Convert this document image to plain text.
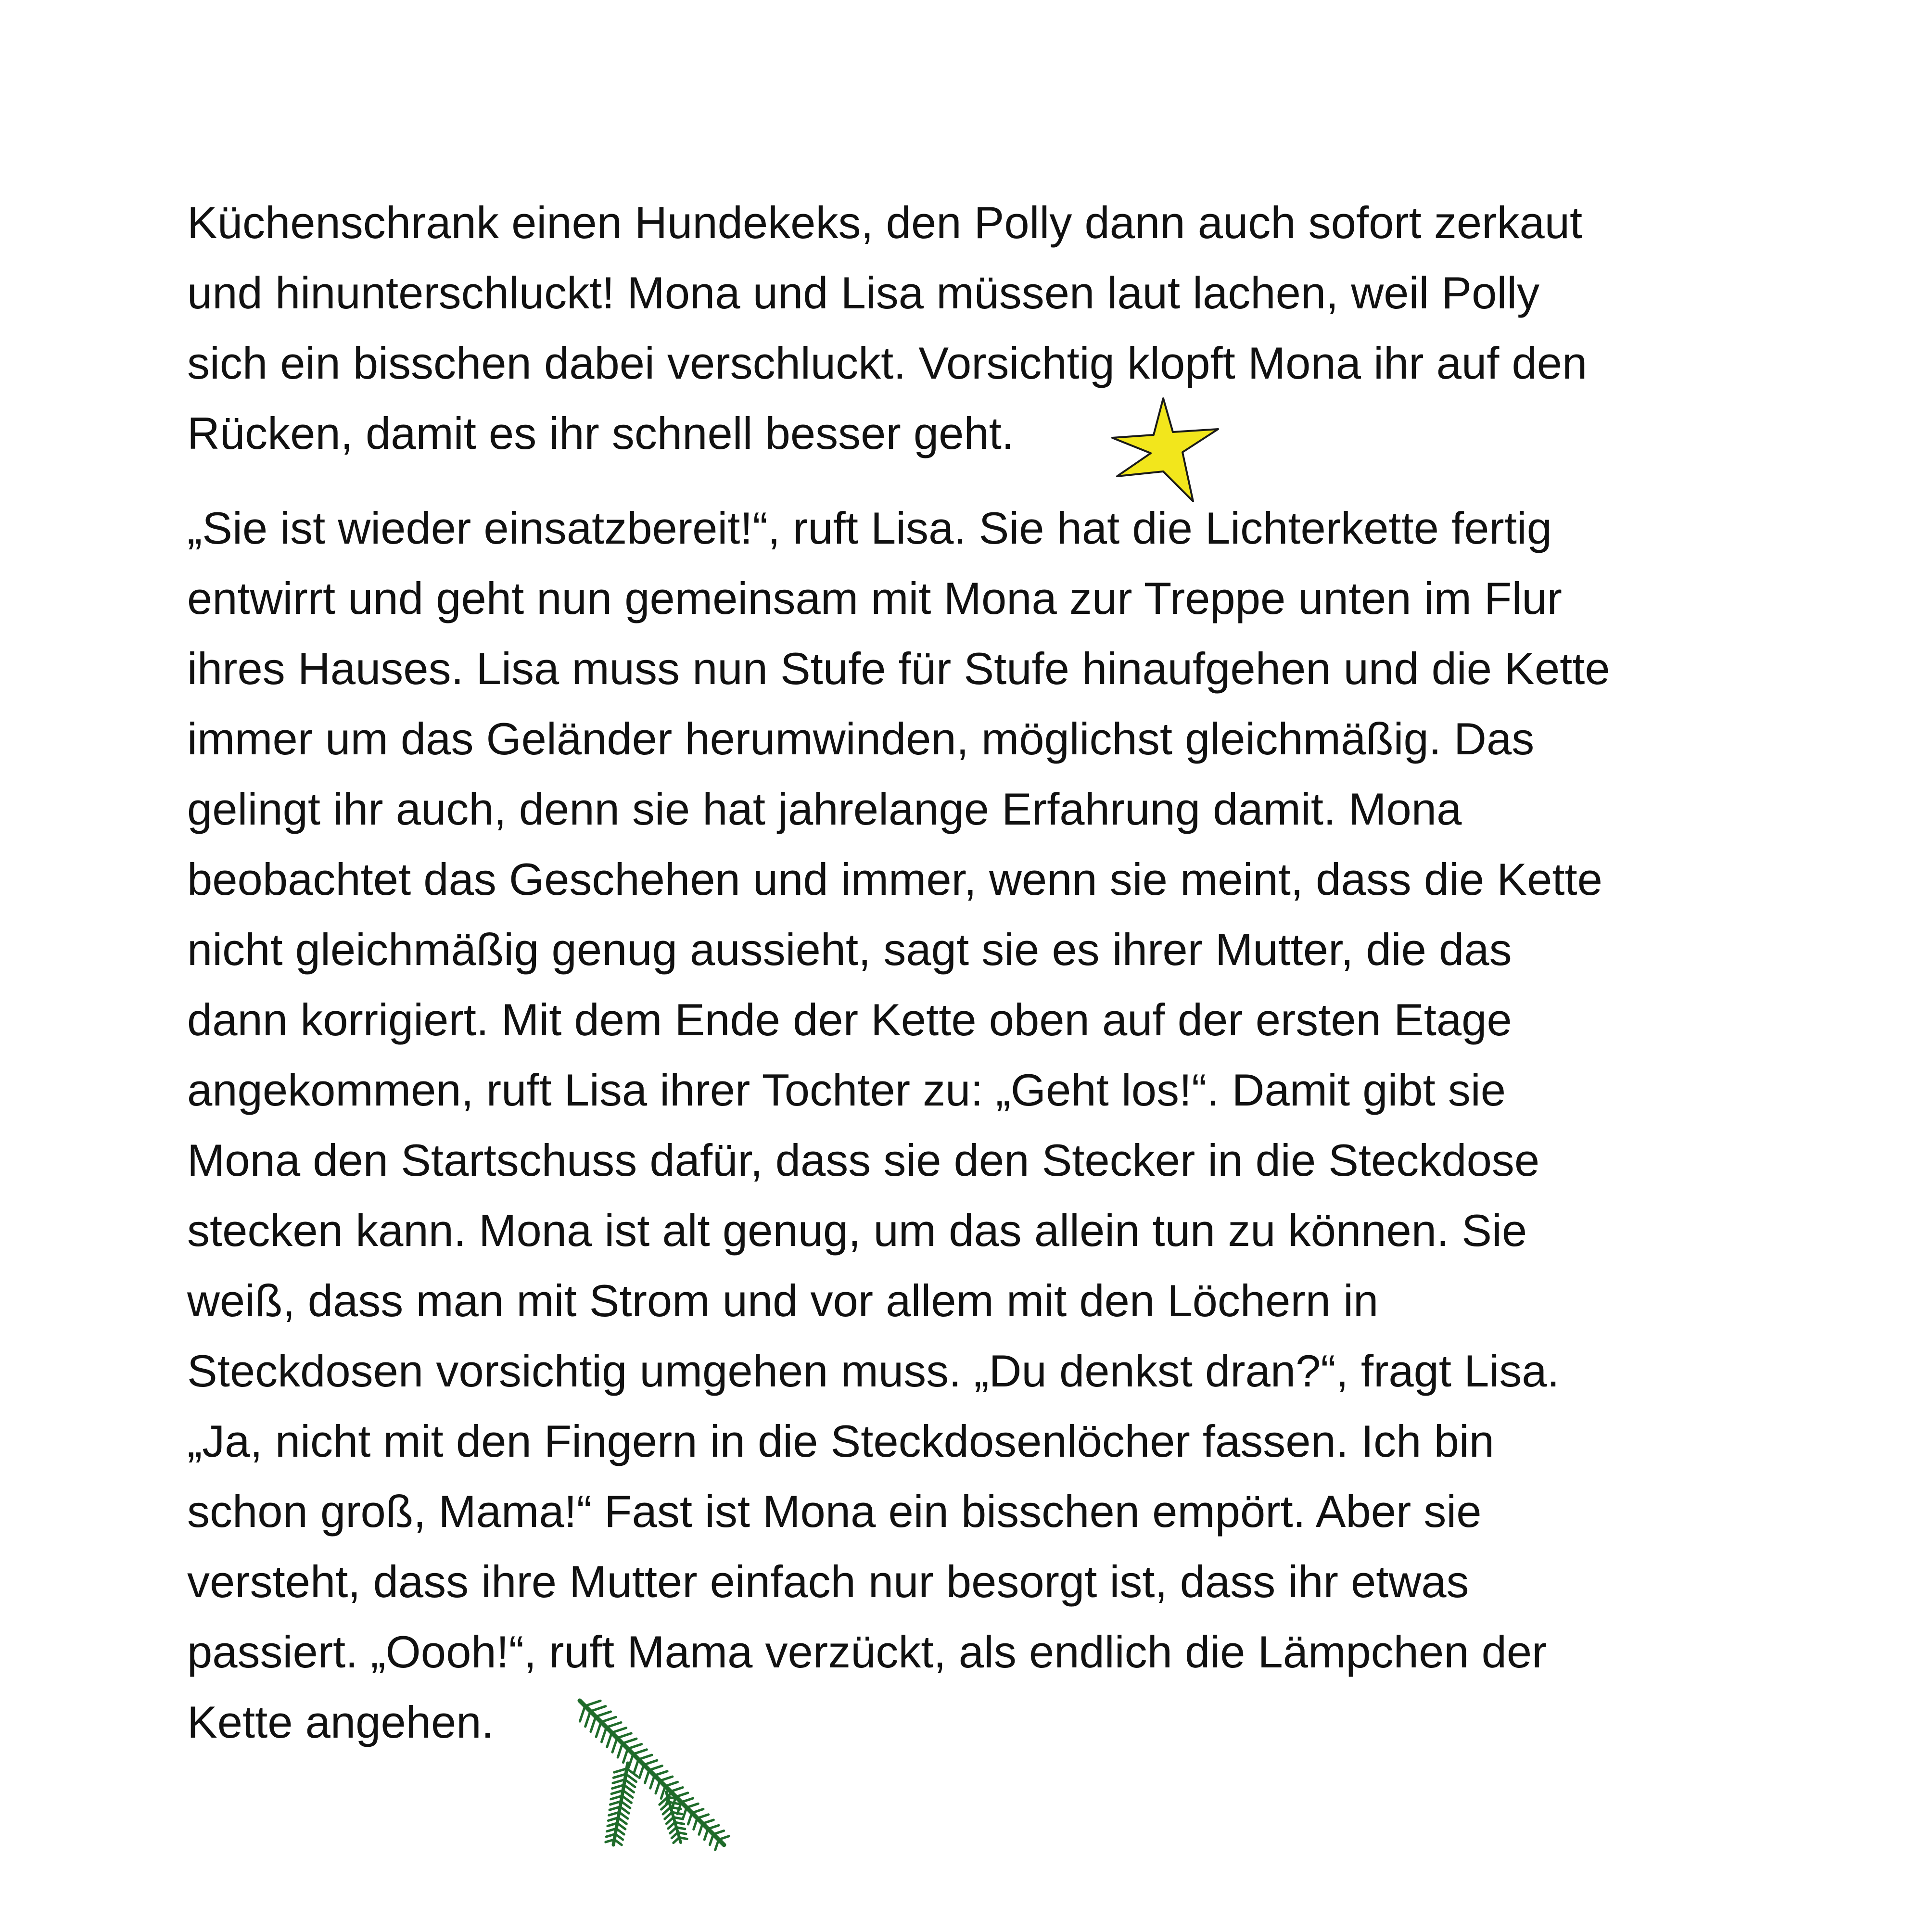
Küchenschrank einen Hundekeks, den Polly dann auch sofort zerkaut
und hinunterschluckt! Mona und Lisa müssen laut lachen, weil Polly
sich ein bisschen dabei verschluckt. Vorsichtig klopft Mona ihr auf den
Rücken, damit es ihr schnell besser geht.
„Sie ist wieder einsatzbereit!“, ruft Lisa. Sie hat die Lichterkette fertig
entwirrt und geht nun gemeinsam mit Mona zur Treppe unten im Flur
ihres Hauses. Lisa muss nun Stufe für Stufe hinaufgehen und die Kette
immer um das Geländer herumwinden, möglichst gleichmäßig. Das
gelingt ihr auch, denn sie hat jahrelange Erfahrung damit. Mona
beobachtet das Geschehen und immer, wenn sie meint, dass die Kette
nicht gleichmäßig genug aussieht, sagt sie es ihrer Mutter, die das
dann korrigiert. Mit dem Ende der Kette oben auf der ersten Etage
angekommen, ruft Lisa ihrer Tochter zu: „Geht los!“. Damit gibt sie
Mona den Startschuss dafür, dass sie den Stecker in die Steckdose
stecken kann. Mona ist alt genug, um das allein tun zu können. Sie
weiß, dass man mit Strom und vor allem mit den Löchern in
Steckdosen vorsichtig umgehen muss. „Du denkst dran?“, fragt Lisa.
„Ja, nicht mit den Fingern in die Steckdosenlöcher fassen. Ich bin
schon groß, Mama!“ Fast ist Mona ein bisschen empört. Aber sie
versteht, dass ihre Mutter einfach nur besorgt ist, dass ihr etwas
passiert. „Oooh!“, ruft Mama verzückt, als endlich die Lämpchen der
Kette angehen.
